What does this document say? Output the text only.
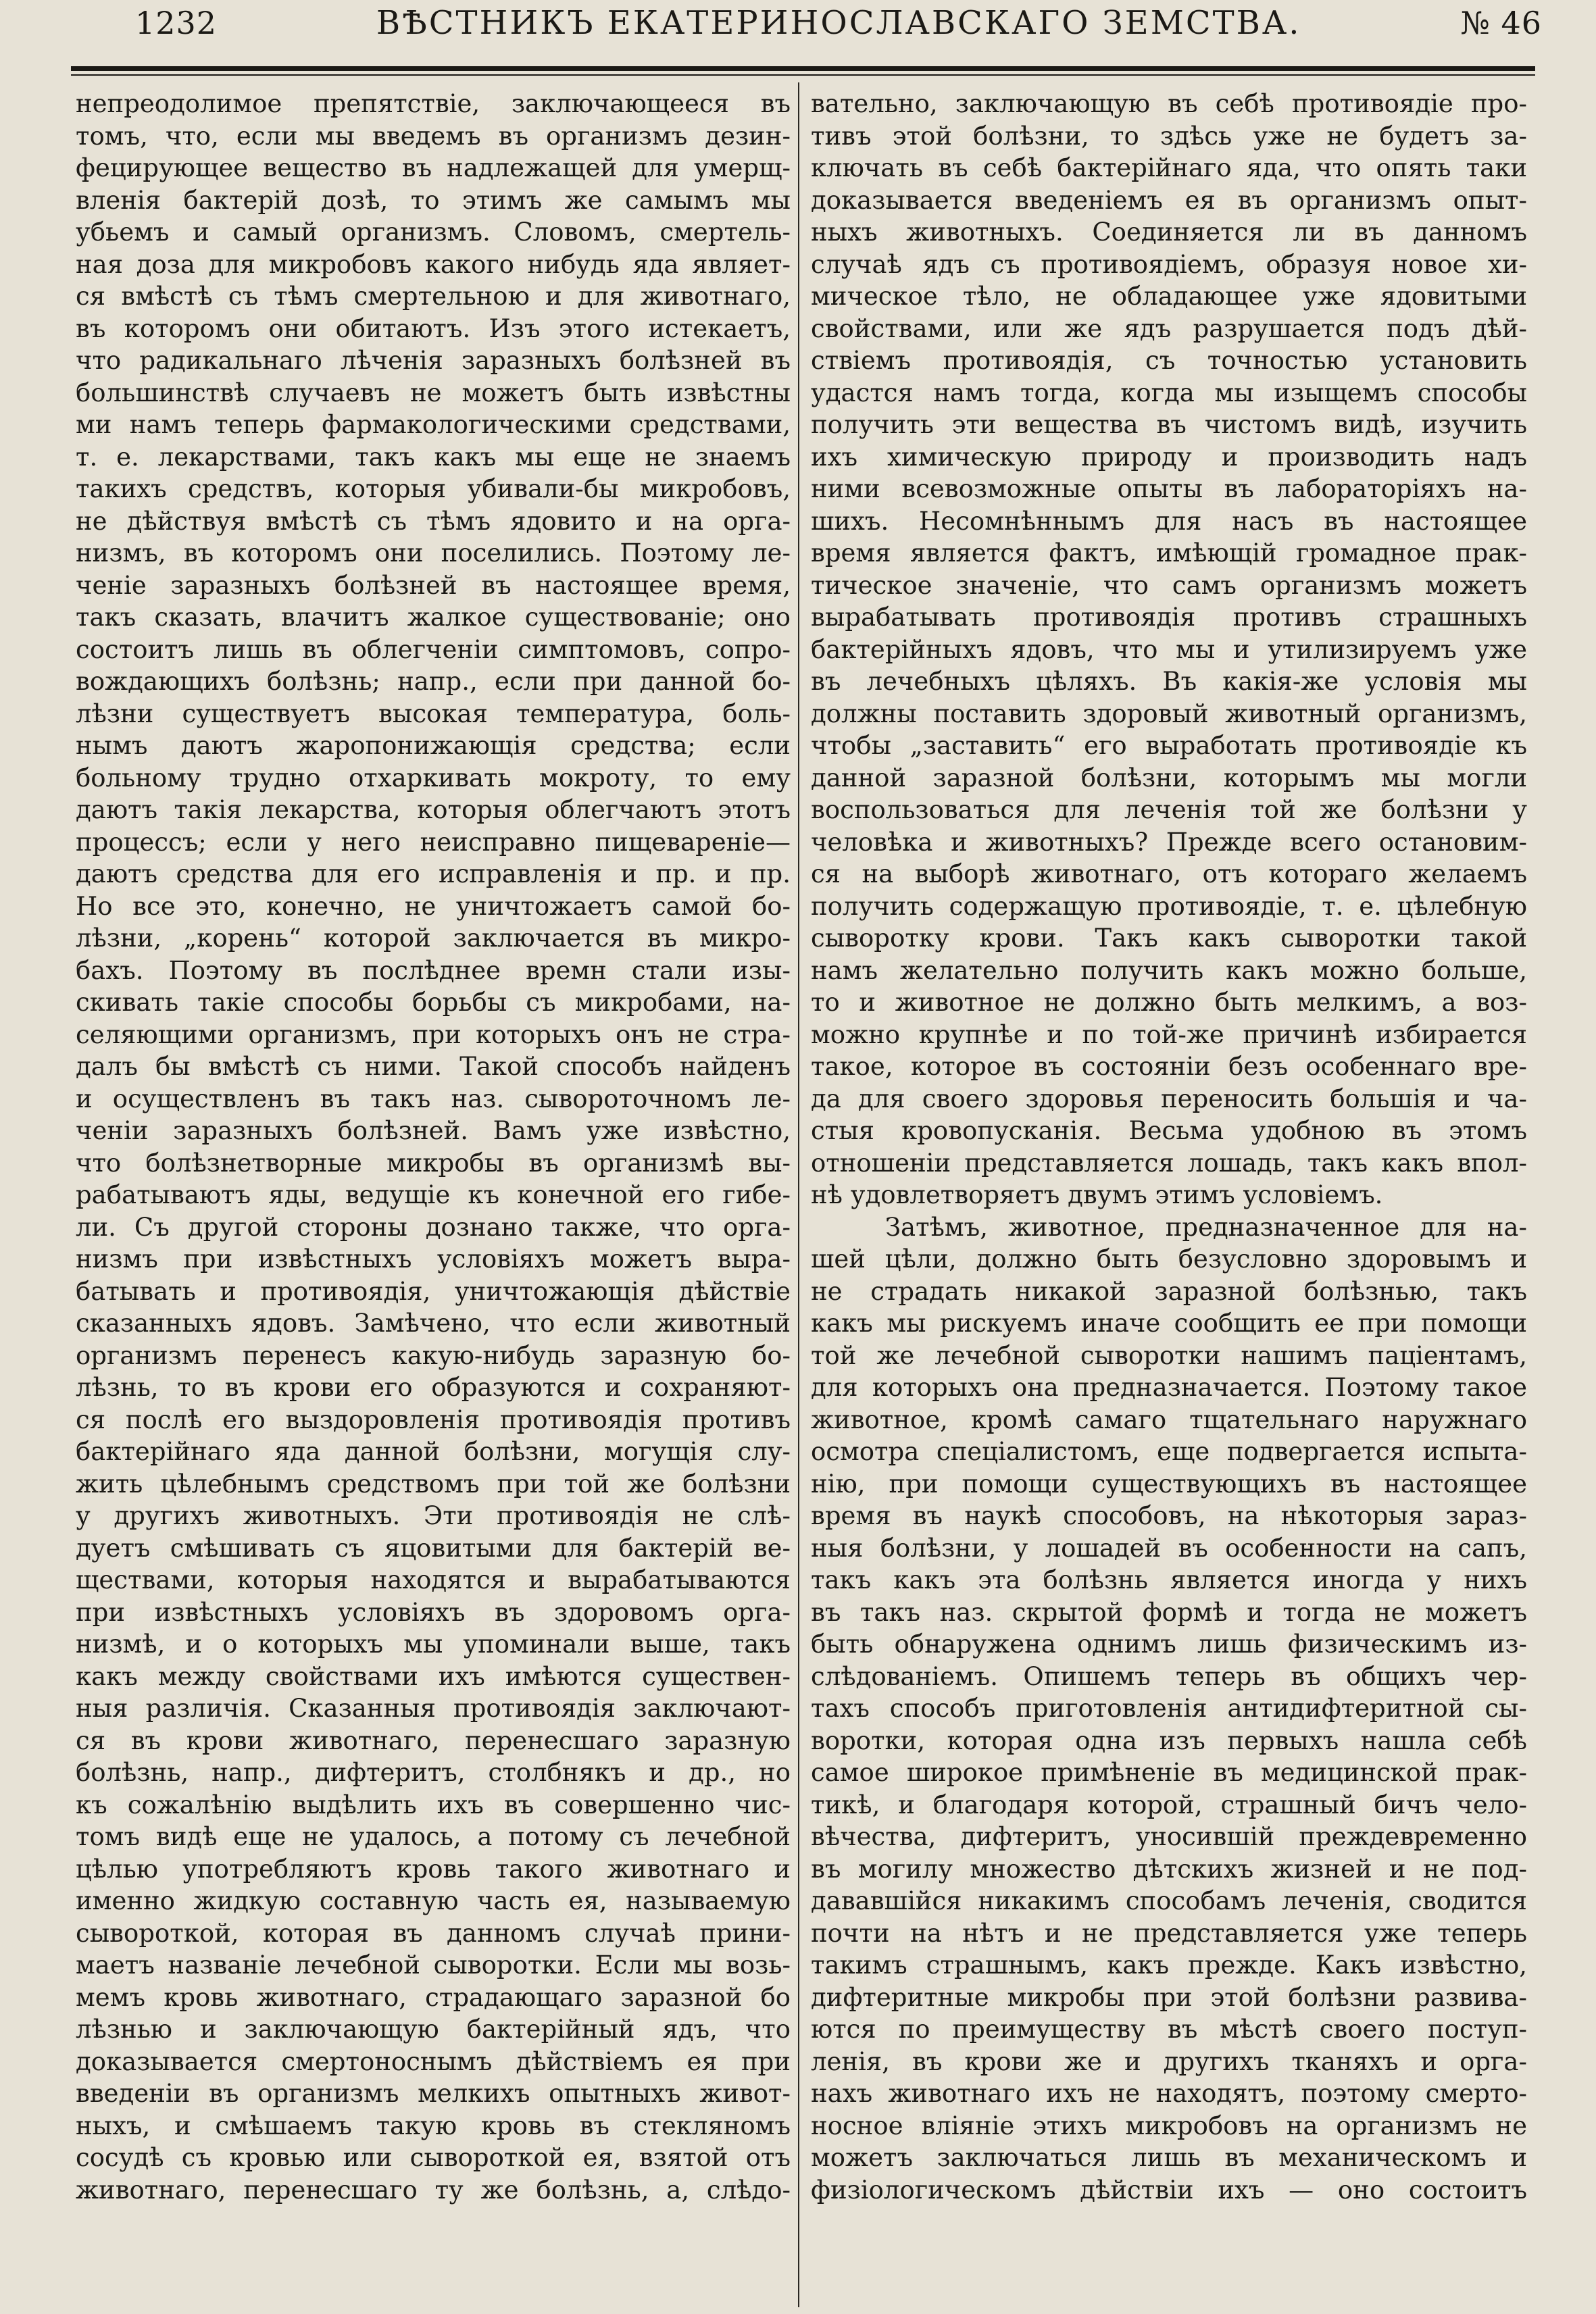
1232	ВѢСТНИКЪ ЕКАТЕРИНОСЛАВСКАГО ЗЕМСТВА.	№ 46
непреодолимое препятствіе, заключающееся въ
томъ, что, если мы введемъ въ организмъ дезин-
фецирующее вещество въ надлежащей для умерщ-
вленія бактерій дозѣ, то этимъ же самымъ мы
убьемъ и самый организмъ. Словомъ, смертель-
ная доза для микробовъ какого нибудь яда являет-
ся вмѣстѣ съ тѣмъ смертельною и для животнаго,
въ которомъ они обитаютъ. Изъ этого истекаетъ,
что радикальнаго лѣченія заразныхъ болѣзней въ
большинствѣ случаевъ не можетъ быть извѣстны
ми намъ теперь фармакологическими средствами,
т. е. лекарствами, такъ какъ мы еще не знаемъ
такихъ средствъ, которыя убивали-бы микробовъ,
не дѣйствуя вмѣстѣ съ тѣмъ ядовито и на орга-
низмъ, въ которомъ они поселились. Поэтому ле-
ченіе заразныхъ болѣзней въ настоящее время,
такъ сказать, влачитъ жалкое существованіе; оно
состоитъ лишь въ облегченіи симптомовъ, сопро-
вождающихъ болѣзнь; напр., если при данной бо-
лѣзни существуетъ высокая температура, боль-
нымъ даютъ жаропонижающія средства; если
больному трудно отхаркивать мокроту, то ему
даютъ такія лекарства, которыя облегчаютъ этотъ
процессъ; если у него неисправно пищевареніе—
даютъ средства для его исправленія и пр. и пр.
Но все это, конечно, не уничтожаетъ самой бо-
лѣзни, „корень“ которой заключается въ микро-
бахъ. Поэтому въ послѣднее времн стали изы-
скивать такіе способы борьбы съ микробами, на-
селяющими организмъ, при которыхъ онъ не стра-
далъ бы вмѣстѣ съ ними. Такой способъ найденъ
и осуществленъ въ такъ наз. сывороточномъ ле-
ченіи заразныхъ болѣзней. Вамъ уже извѣстно,
что болѣзнетворные микробы въ организмѣ вы-
рабатываютъ яды, ведущіе къ конечной его гибе-
ли. Съ другой стороны дознано также, что орга-
низмъ при извѣстныхъ условіяхъ можетъ выра-
батывать и противоядія, уничтожающія дѣйствіе
сказанныхъ ядовъ. Замѣчено, что если животный
организмъ перенесъ какую-нибудь заразную бо-
лѣзнь, то въ крови его образуются и сохраняют-
ся послѣ его выздоровленія противоядія противъ
бактерійнаго яда данной болѣзни, могущія слу-
жить цѣлебнымъ средствомъ при той же болѣзни
у другихъ животныхъ. Эти противоядія не слѣ-
дуетъ смѣшивать съ яцовитыми для бактерій ве-
ществами, которыя находятся и вырабатываются
при извѣстныхъ условіяхъ въ здоровомъ орга-
низмѣ, и о которыхъ мы упоминали выше, такъ
какъ между свойствами ихъ имѣются существен-
ныя различія. Сказанныя противоядія заключают-
ся въ крови животнаго, перенесшаго заразную
болѣзнь, напр., дифтеритъ, столбнякъ и др., но
къ сожалѣнію выдѣлить ихъ въ совершенно чис-
томъ видѣ еще не удалось, а потому съ лечебной
цѣлью употребляютъ кровь такого животнаго и
именно жидкую составную часть ея, называемую
сывороткой, которая въ данномъ случаѣ прини-
маетъ названіе лечебной сыворотки. Если мы возь-
мемъ кровь животнаго, страдающаго заразной бо
лѣзнью и заключающую бактерійный ядъ, что
доказывается смертоноснымъ дѣйствіемъ ея при
введеніи въ организмъ мелкихъ опытныхъ живот-
ныхъ, и смѣшаемъ такую кровь въ стекляномъ
сосудѣ съ кровью или сывороткой ея, взятой отъ
животнаго, перенесшаго ту же болѣзнь, а, слѣдо-
вательно, заключающую въ себѣ противоядіе про-
тивъ этой болѣзни, то здѣсь уже не будетъ за-
ключать въ себѣ бактерійнаго яда, что опять таки
доказывается введеніемъ ея въ организмъ опыт-
ныхъ животныхъ. Соединяется ли въ данномъ
случаѣ ядъ съ противоядіемъ, образуя новое хи-
мическое тѣло, не обладающее уже ядовитыми
свойствами, или же ядъ разрушается подъ дѣй-
ствіемъ противоядія, съ точностью установить
удастся намъ тогда, когда мы изыщемъ способы
получить эти вещества въ чистомъ видѣ, изучить
ихъ химическую природу и производить надъ
ними всевозможные опыты въ лабораторіяхъ на-
шихъ. Несомнѣннымъ для насъ въ настоящее
время является фактъ, имѣющій громадное прак-
тическое значеніе, что самъ организмъ можетъ
вырабатывать противоядія противъ страшныхъ
бактерійныхъ ядовъ, что мы и утилизируемъ уже
въ лечебныхъ цѣляхъ. Въ какія-же условія мы
должны поставить здоровый животный организмъ,
чтобы „заставить“ его выработать противоядіе къ
данной заразной болѣзни, которымъ мы могли
воспользоваться для леченія той же болѣзни у
человѣка и животныхъ? Прежде всего остановим-
ся на выборѣ животнаго, отъ котораго желаемъ
получить содержащую противоядіе, т. е. цѣлебную
сыворотку крови. Такъ какъ сыворотки такой
намъ желательно получить какъ можно больше,
то и животное не должно быть мелкимъ, а воз-
можно крупнѣе и по той-же причинѣ избирается
такое, которое въ состояніи безъ особеннаго вре-
да для своего здоровья переносить большія и ча-
стыя кровопусканія. Весьма удобною въ этомъ
отношеніи представляется лошадь, такъ какъ впол-
нѣ удовлетворяетъ двумъ этимъ условіемъ.
Затѣмъ, животное, предназначенное для на-
шей цѣли, должно быть безусловно здоровымъ и
не страдать никакой заразной болѣзнью, такъ
какъ мы рискуемъ иначе сообщить ее при помощи
той же лечебной сыворотки нашимъ паціентамъ,
для которыхъ она предназначается. Поэтому такое
животное, кромѣ самаго тщательнаго наружнаго
осмотра спеціалистомъ, еще подвергается испыта-
нію, при помощи существующихъ въ настоящее
время въ наукѣ способовъ, на нѣкоторыя зараз-
ныя болѣзни, у лошадей въ особенности на сапъ,
такъ какъ эта болѣзнь является иногда у нихъ
въ такъ наз. скрытой формѣ и тогда не можетъ
быть обнаружена однимъ лишь физическимъ из-
слѣдованіемъ. Опишемъ теперь въ общихъ чер-
тахъ способъ приготовленія антидифтеритной сы-
воротки, которая одна изъ первыхъ нашла себѣ
самое широкое примѣненіе въ медицинской прак-
тикѣ, и благодаря которой, страшный бичъ чело-
вѣчества, дифтеритъ, уносившій преждевременно
въ могилу множество дѣтскихъ жизней и не под-
дававшійся никакимъ способамъ леченія, сводится
почти на нѣтъ и не представляется уже теперь
такимъ страшнымъ, какъ прежде. Какъ извѣстно,
дифтеритные микробы при этой болѣзни развива-
ются по преимуществу въ мѣстѣ своего поступ-
ленія, въ крови же и другихъ тканяхъ и орга-
нахъ животнаго ихъ не находятъ, поэтому смерто-
носное вліяніе этихъ микробовъ на организмъ не
можетъ заключаться лишь въ механическомъ и
физіологическомъ дѣйствіи ихъ — оно состоитъ
